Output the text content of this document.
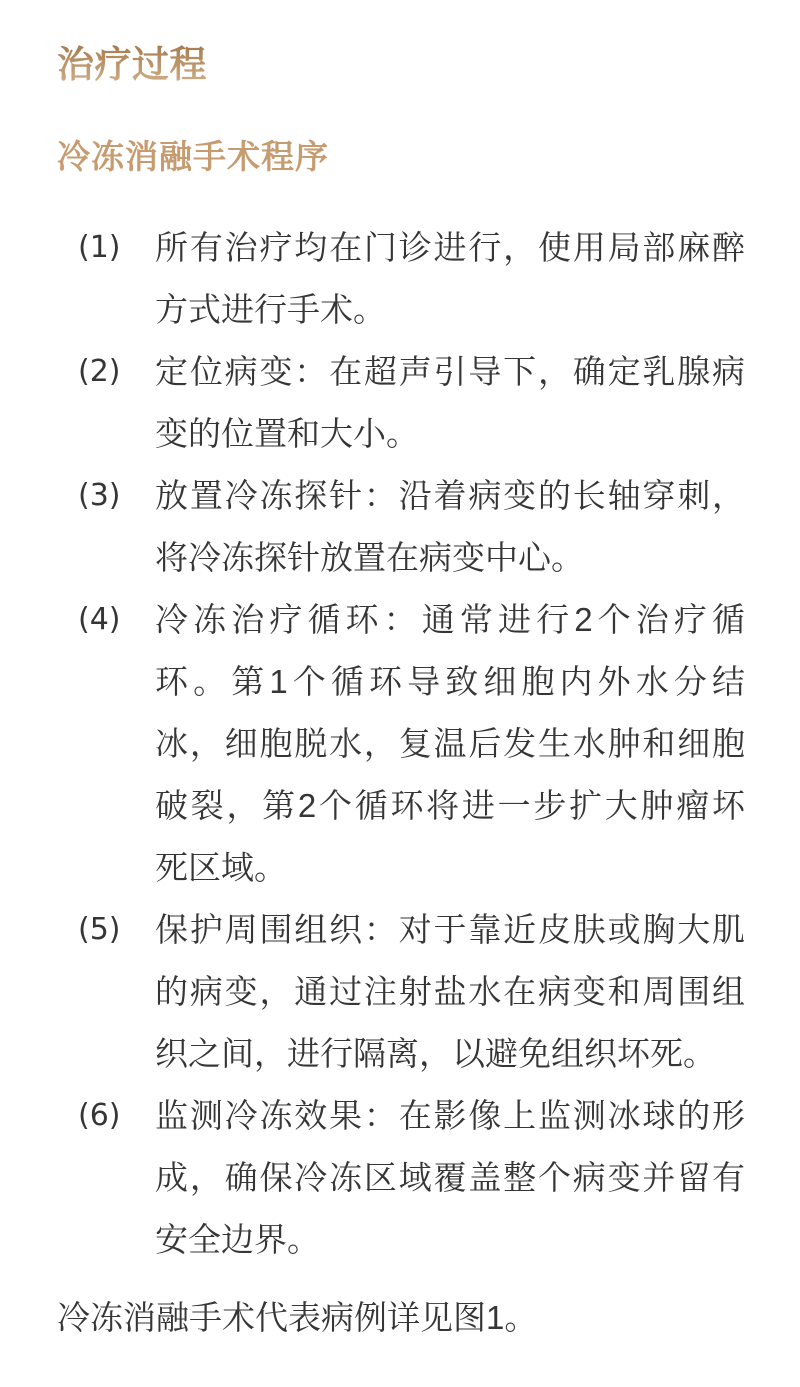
治疗过程
冷冻消融手术程序
(1)	所有治疗均在门诊进行，使用局部麻醉
方式进行手术。
(2)	定位病变：在超声引导下，确定乳腺病
变的位置和大小。
(3)	放置冷冻探针：沿着病变的长轴穿刺，
将冷冻探针放置在病变中心。
(4)	冷冻治疗循环：通常进行2个治疗循
环。第1个循环导致细胞内外水分结
冰，细胞脱水，复温后发生水肿和细胞
破裂，第2个循环将进一步扩大肿瘤坏
死区域。
(5)	保护周围组织：对于靠近皮肤或胸大肌
的病变，通过注射盐水在病变和周围组
织之间，进行隔离，以避免组织坏死。
(6)	监测冷冻效果：在影像上监测冰球的形
成，确保冷冻区域覆盖整个病变并留有
安全边界。

冷冻消融手术代表病例详见图1。
